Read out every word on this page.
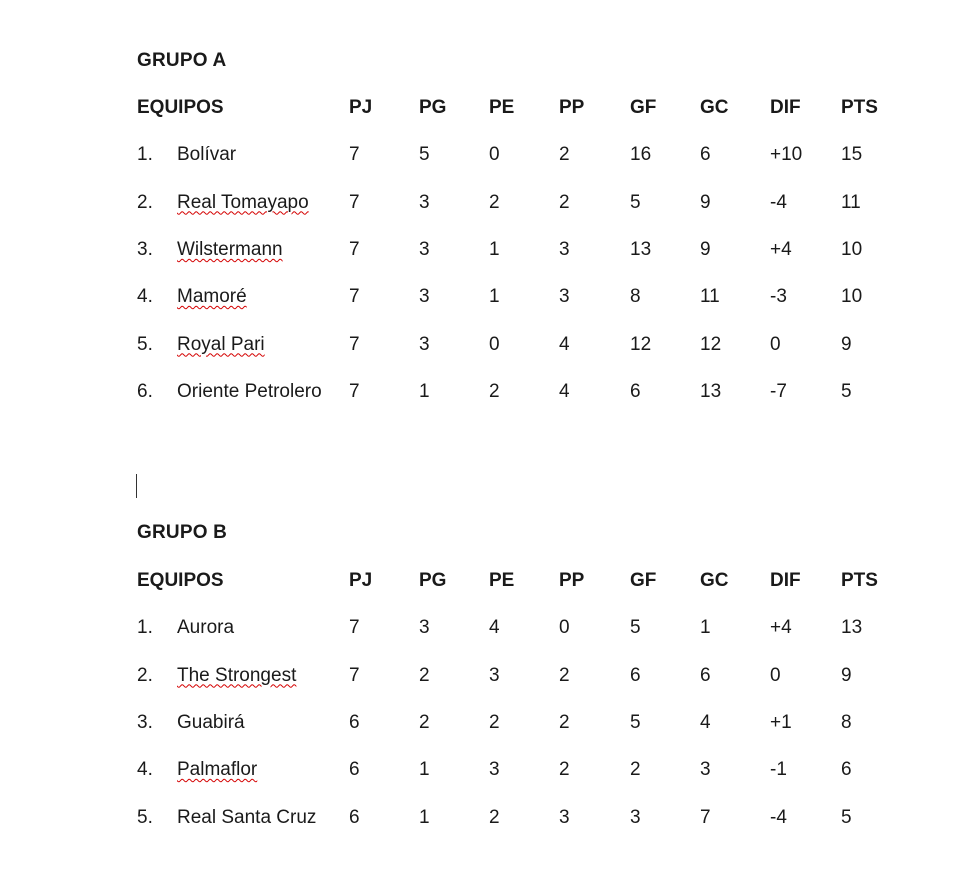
GRUPO A
EQUIPOS	PJ PG PE PP GF GC DIF PTS
1. Bolívar	7	5	0	2	16	6	+10 15
2. Real Tomayapo 7	3	2	2	5	9	-4	11
3. Wilstermann	7	3	1	3	13	9	+4	10
4. Mamoré	7	3	1	3	8	11	-3	10
5. Royal Pari	7	3	0	4	12	12	0	9
6. Oriente Petrolero 7	1	2	4	6	13	-7	5
GRUPO B
EQUIPOS	PJ PG PE PP GF GC DIF PTS
1. Aurora	7	3	4	0	5	1	+4	13
2. The Strongest	7	2	3	2	6	6	0	9
3. Guabirá	6	2	2	2	5	4	+1	8
4. Palmaflor	6	1	3	2	2	3	-1	6
5. Real Santa Cruz 6	1	2	3	3	7	-4	5
